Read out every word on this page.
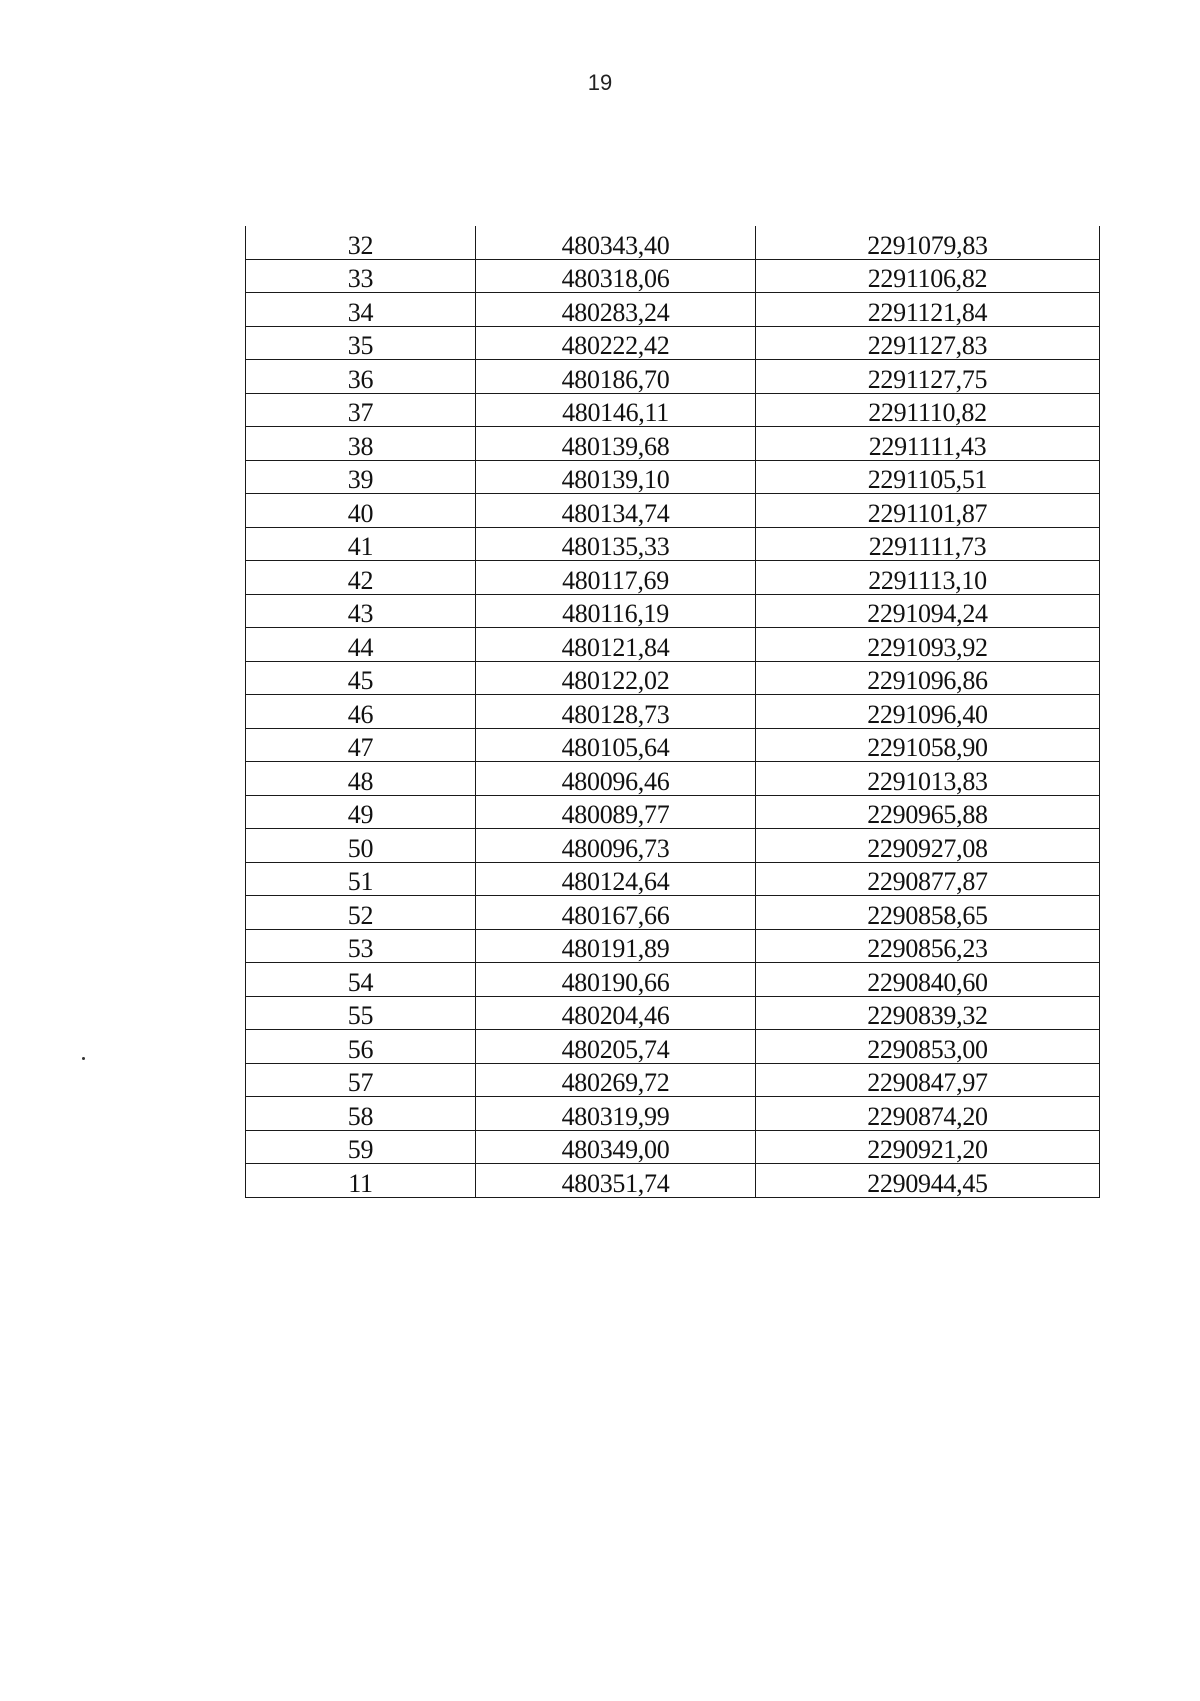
19
32	480343,40	2291079,83
33	480318,06	2291106,82
34	480283,24	2291121,84
35	480222,42	2291127,83
36	480186,70	2291127,75
37	480146,11	2291110,82
38	480139,68	2291111,43
39	480139,10	2291105,51
40	480134,74	2291101,87
41	480135,33	2291111,73
42	480117,69	2291113,10
43	480116,19	2291094,24
44	480121,84	2291093,92
45	480122,02	2291096,86
46	480128,73	2291096,40
47	480105,64	2291058,90
48	480096,46	2291013,83
49	480089,77	2290965,88
50	480096,73	2290927,08
51	480124,64	2290877,87
52	480167,66	2290858,65
53	480191,89	2290856,23
54	480190,66	2290840,60
55	480204,46	2290839,32
56	480205,74	2290853,00
57	480269,72	2290847,97
58	480319,99	2290874,20
59	480349,00	2290921,20
11	480351,74	2290944,45
